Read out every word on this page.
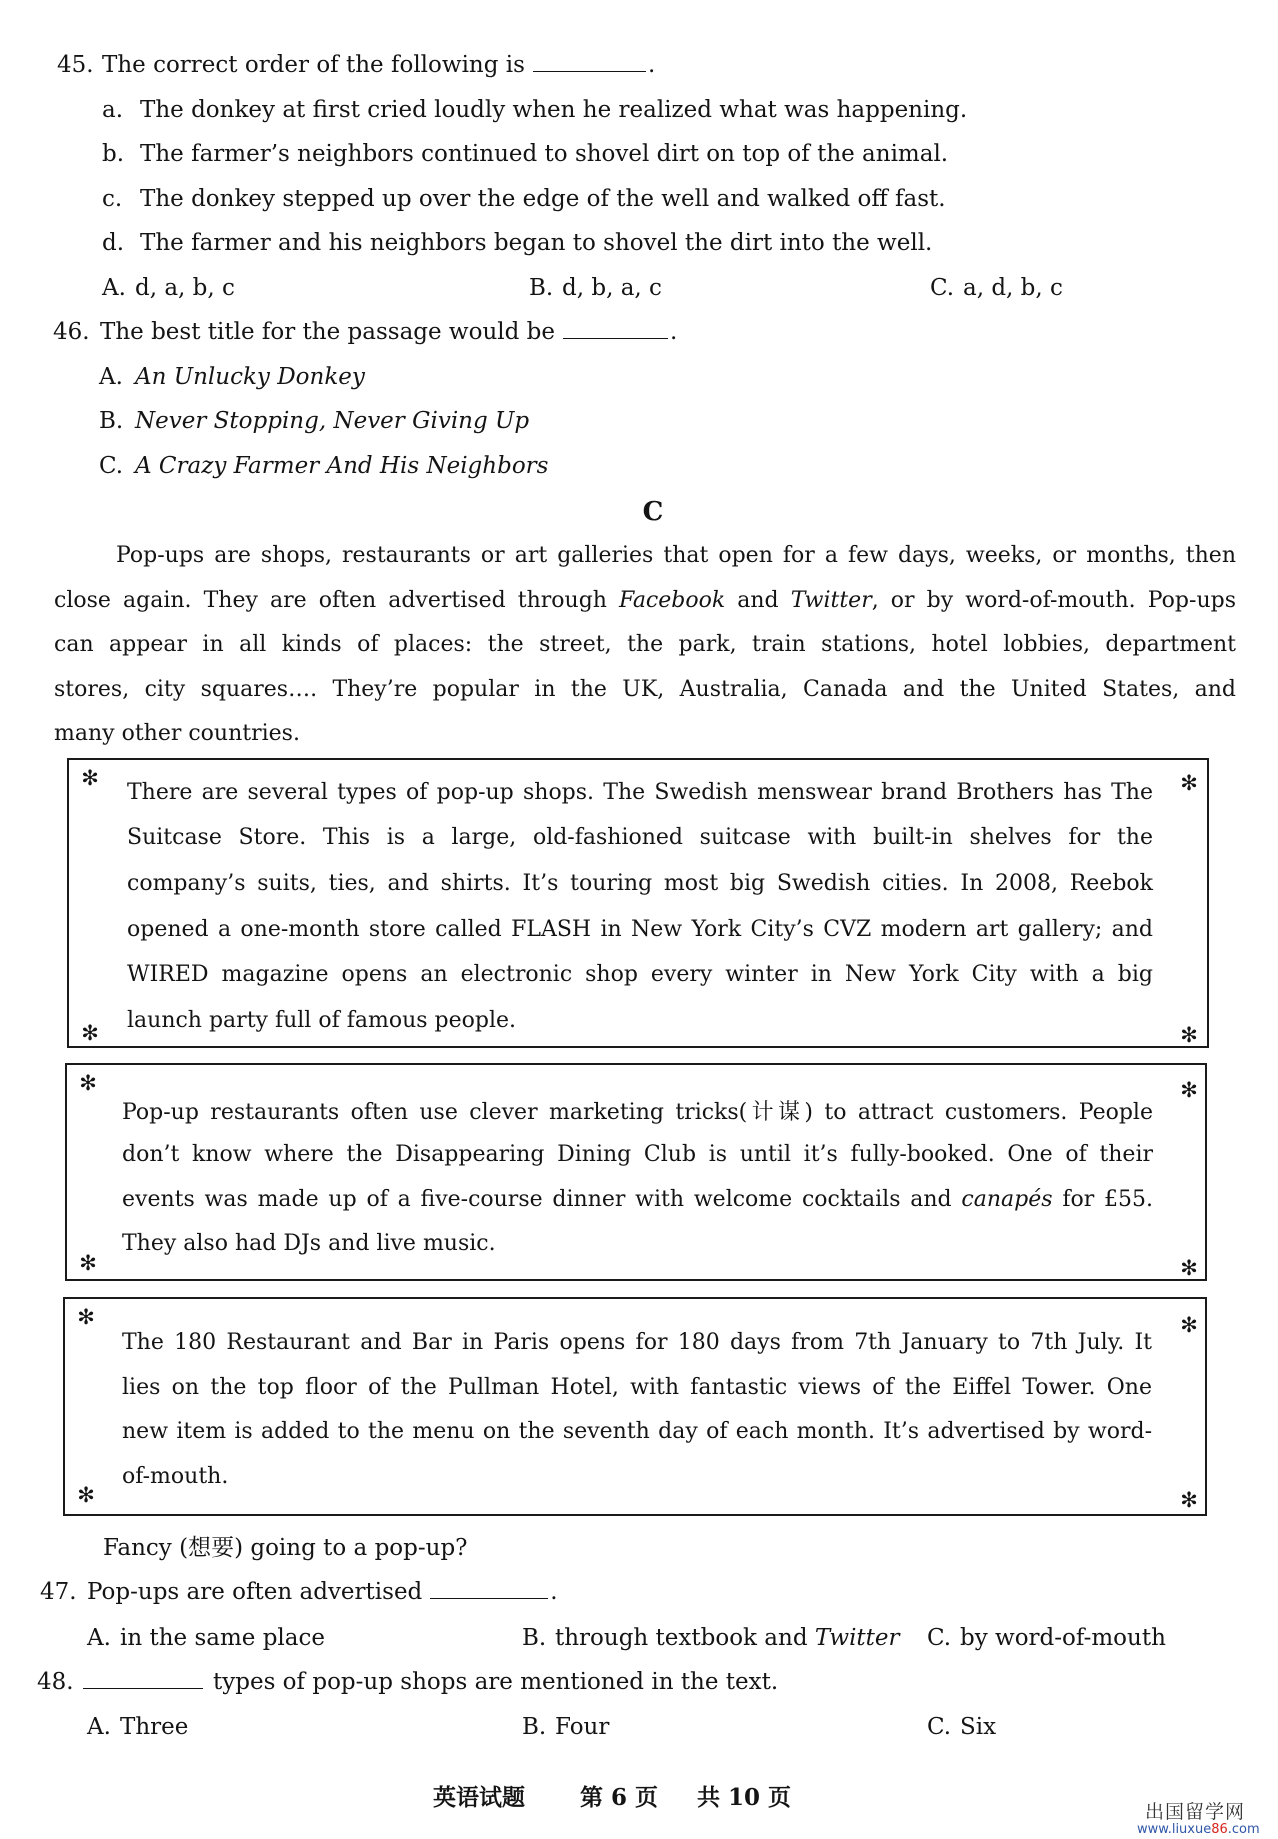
45. The correct order of the following is	.
a. The donkey at first cried loudly when he realized what was happening.
b. The farmer’s neighbors continued to shovel dirt on top of the animal.
c. The donkey stepped up over the edge of the well and walked off fast.
d. The farmer and his neighbors began to shovel the dirt into the well.
A. d, a, b, c	B. d, b, a, c	C. a, d, b, c
46. The best title for the passage would be	.
A. An Unlucky Donkey
B. Never Stopping, Never Giving Up
C. A Crazy Farmer And His Neighbors
C
Pop-ups are shops, restaurants or art galleries that open for a few days, weeks, or months, then
close again. They are often advertised through Facebook and Twitter, or by word-of-mouth. Pop-ups
can appear in all kinds of places: the street, the park, train stations, hotel lobbies, department
stores, city squares…. They’re popular in the UK, Australia, Canada and the United States, and
many other countries.
✻
✻
✻
✻
There are several types of pop-up shops. The Swedish menswear brand Brothers has The
Suitcase Store. This is a large, old-fashioned suitcase with built-in shelves for the
company’s suits, ties, and shirts. It’s touring most big Swedish cities. In 2008, Reebok
opened a one-month store called FLASH in New York City’s CVZ modern art gallery; and
WIRED magazine opens an electronic shop every winter in New York City with a big
launch party full of famous people.
✻
✻
✻
✻
Pop-up restaurants often use clever marketing tricks(计谋) to attract customers. People
don’t know where the Disappearing Dining Club is until it’s fully-booked. One of their
events was made up of a five-course dinner with welcome cocktails and canapés for £55.
They also had DJs and live music.
✻
✻
✻
✻
The 180 Restaurant and Bar in Paris opens for 180 days from 7th January to 7th July. It
lies on the top floor of the Pullman Hotel, with fantastic views of the Eiffel Tower. One
new item is added to the menu on the seventh day of each month. It’s advertised by word-
of-mouth.
Fancy (想要) going to a pop-up?
47. Pop-ups are often advertised	.
A. in the same place	B. through textbook and Twitter C. by word-of-mouth
48.	types of pop-up shops are mentioned in the text.
A. Three	B. Four	C. Six
英语试题 第 6 页 共 10 页
出国留学网
www.liuxue86.com
